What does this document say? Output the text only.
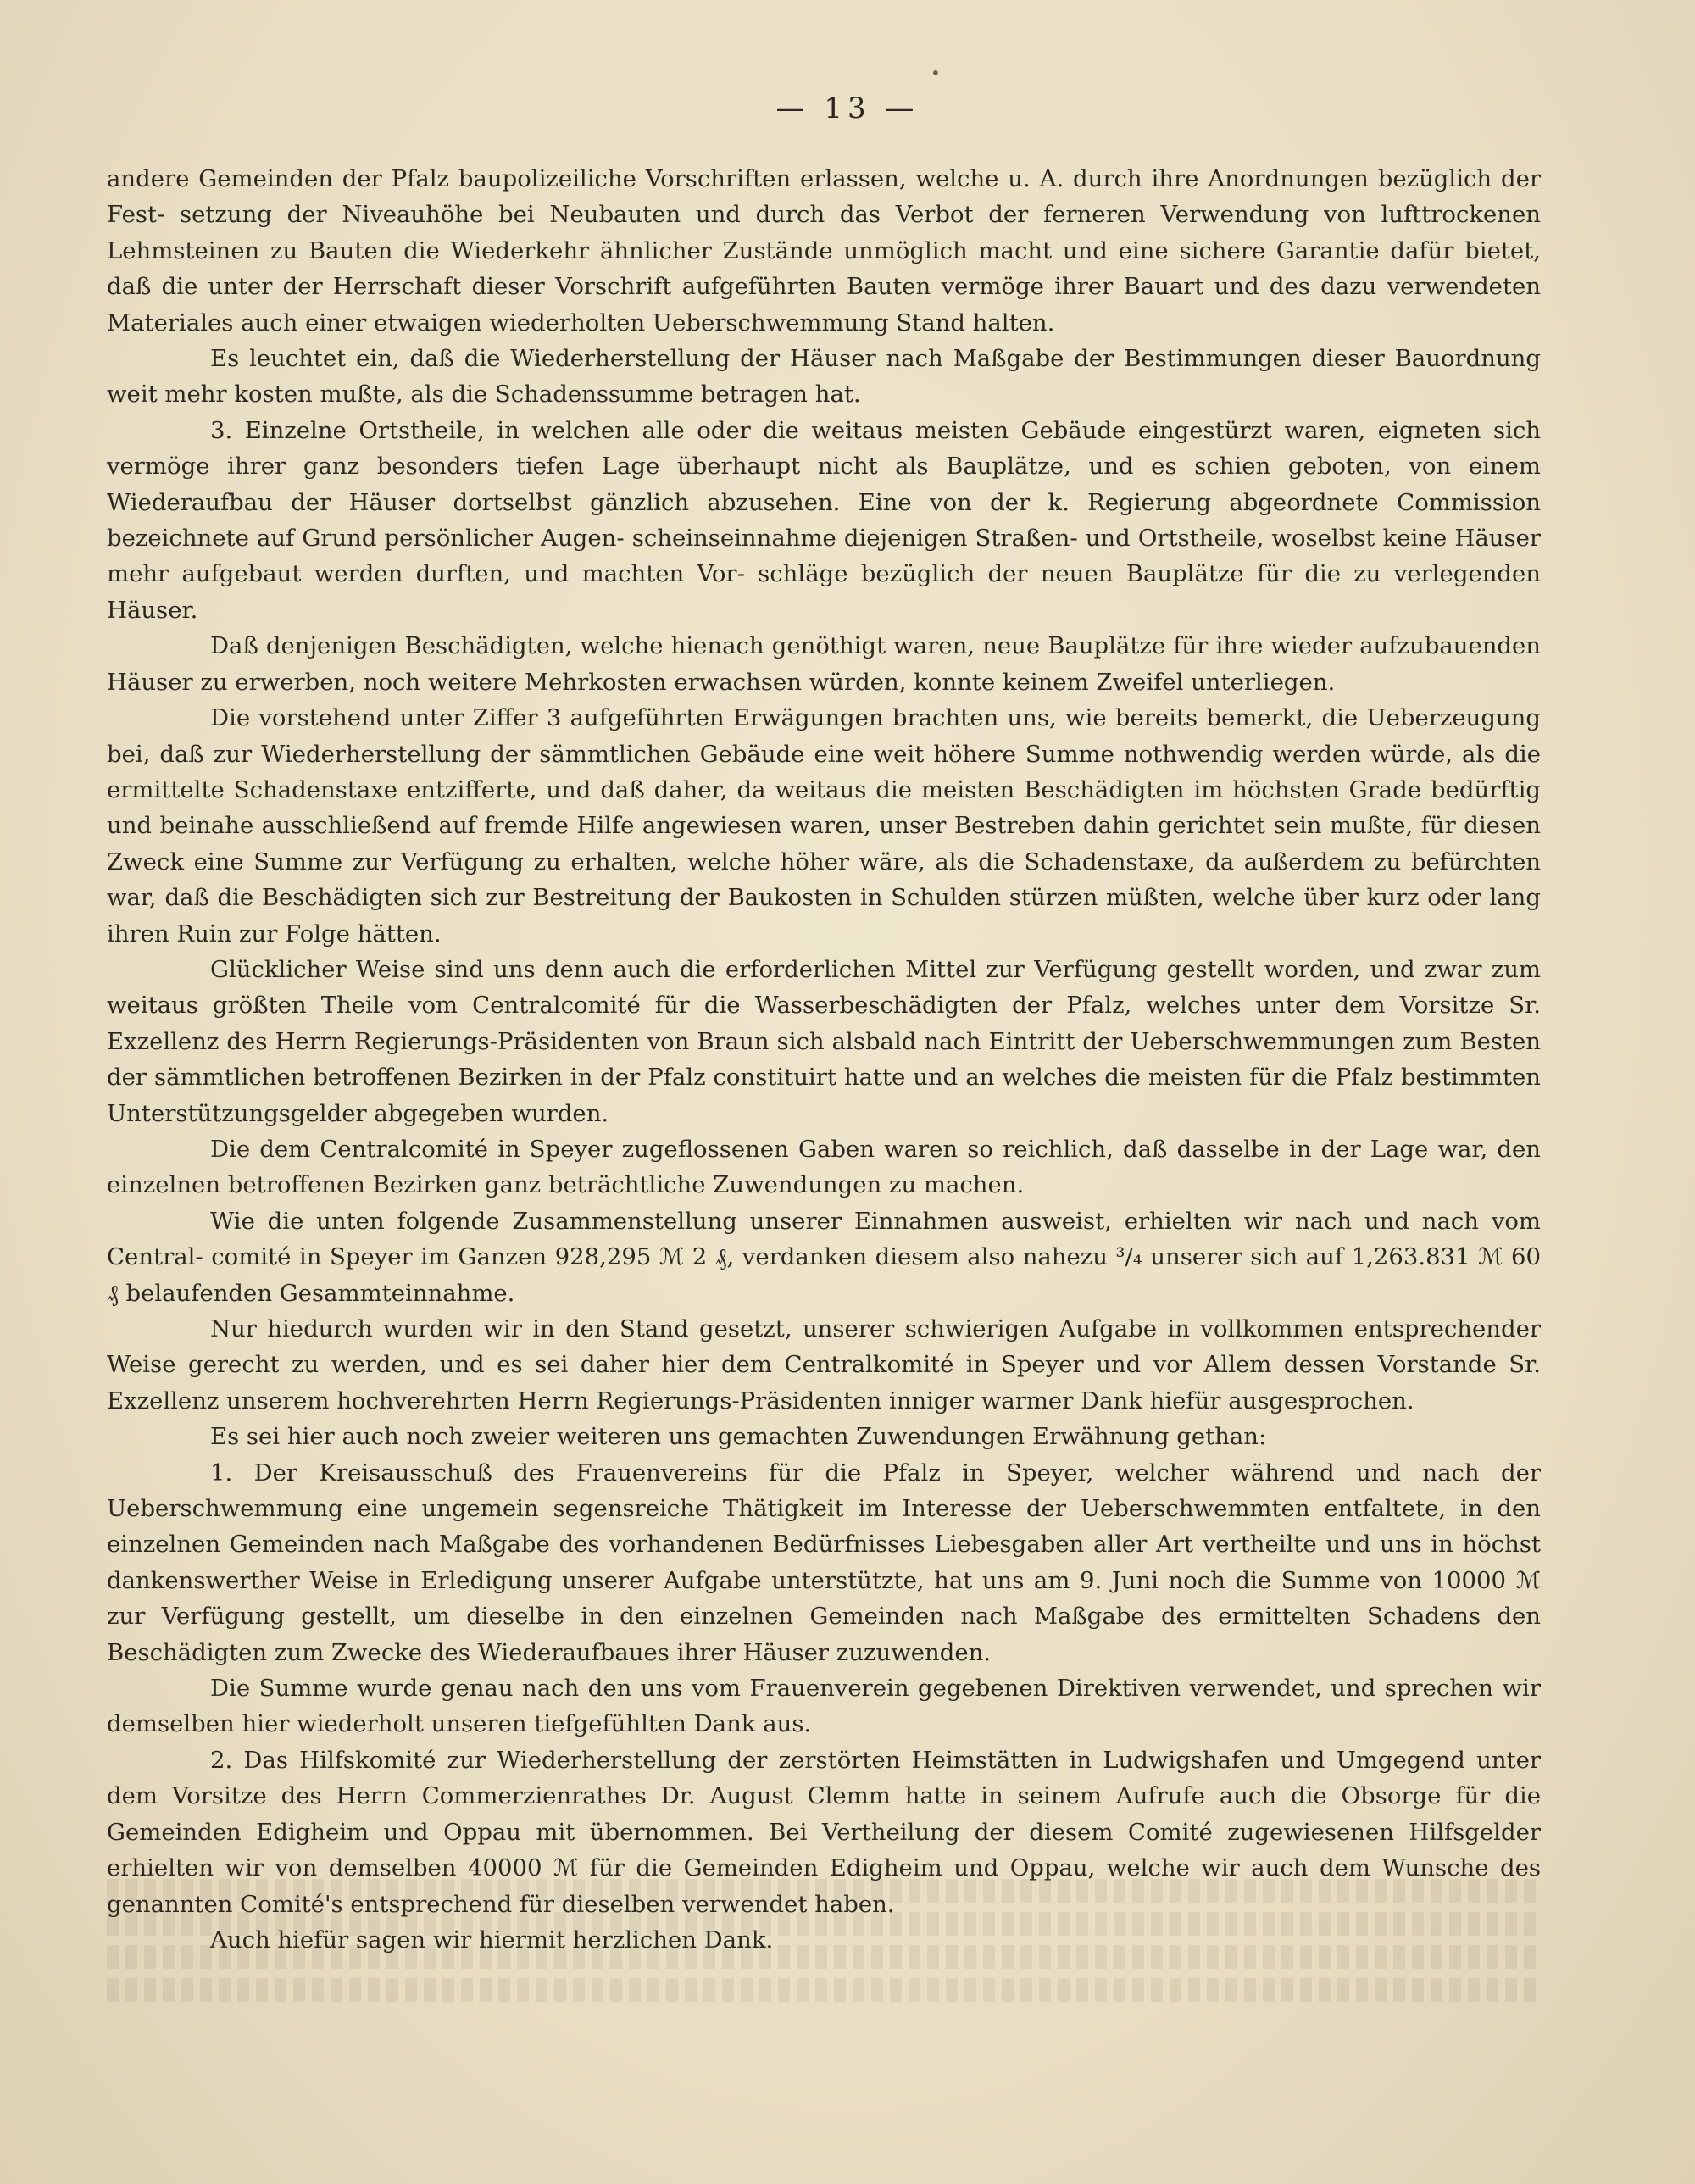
•
— 13 —

andere Gemeinden der Pfalz baupolizeiliche Vorschriften erlassen, welche u. A. durch ihre Anordnungen bezüglich der Fest- setzung der Niveauhöhe bei Neubauten und durch das Verbot der ferneren Verwendung von lufttrockenen Lehmsteinen zu Bauten die Wiederkehr ähnlicher Zustände unmöglich macht und eine sichere Garantie dafür bietet, daß die unter der Herrschaft dieser Vorschrift aufgeführten Bauten vermöge ihrer Bauart und des dazu verwendeten Materiales auch einer etwaigen wiederholten Ueberschwemmung Stand halten.

Es leuchtet ein, daß die Wiederherstellung der Häuser nach Maßgabe der Bestimmungen dieser Bauordnung weit mehr kosten mußte, als die Schadenssumme betragen hat.

3. Einzelne Ortstheile, in welchen alle oder die weitaus meisten Gebäude eingestürzt waren, eigneten sich vermöge ihrer ganz besonders tiefen Lage überhaupt nicht als Bauplätze, und es schien geboten, von einem Wiederaufbau der Häuser dortselbst gänzlich abzusehen. Eine von der k. Regierung abgeordnete Commission bezeichnete auf Grund persönlicher Augen- scheinseinnahme diejenigen Straßen- und Ortstheile, woselbst keine Häuser mehr aufgebaut werden durften, und machten Vor- schläge bezüglich der neuen Bauplätze für die zu verlegenden Häuser.

Daß denjenigen Beschädigten, welche hienach genöthigt waren, neue Bauplätze für ihre wieder aufzubauenden Häuser zu erwerben, noch weitere Mehrkosten erwachsen würden, konnte keinem Zweifel unterliegen.

Die vorstehend unter Ziffer 3 aufgeführten Erwägungen brachten uns, wie bereits bemerkt, die Ueberzeugung bei, daß zur Wiederherstellung der sämmtlichen Gebäude eine weit höhere Summe nothwendig werden würde, als die ermittelte Schadenstaxe entzifferte, und daß daher, da weitaus die meisten Beschädigten im höchsten Grade bedürftig und beinahe ausschließend auf fremde Hilfe angewiesen waren, unser Bestreben dahin gerichtet sein mußte, für diesen Zweck eine Summe zur Verfügung zu erhalten, welche höher wäre, als die Schadenstaxe, da außerdem zu befürchten war, daß die Beschädigten sich zur Bestreitung der Baukosten in Schulden stürzen müßten, welche über kurz oder lang ihren Ruin zur Folge hätten.

Glücklicher Weise sind uns denn auch die erforderlichen Mittel zur Verfügung gestellt worden, und zwar zum weitaus größten Theile vom Centralcomité für die Wasserbeschädigten der Pfalz, welches unter dem Vorsitze Sr. Exzellenz des Herrn Regierungs-Präsidenten von Braun sich alsbald nach Eintritt der Ueberschwemmungen zum Besten der sämmtlichen betroffenen Bezirken in der Pfalz constituirt hatte und an welches die meisten für die Pfalz bestimmten Unterstützungsgelder abgegeben wurden.

Die dem Centralcomité in Speyer zugeflossenen Gaben waren so reichlich, daß dasselbe in der Lage war, den einzelnen betroffenen Bezirken ganz beträchtliche Zuwendungen zu machen.

Wie die unten folgende Zusammenstellung unserer Einnahmen ausweist, erhielten wir nach und nach vom Central- comité in Speyer im Ganzen 928,295 ℳ 2 ₰, verdanken diesem also nahezu ³/₄ unserer sich auf 1,263.831 ℳ 60 ₰ belaufenden Gesammteinnahme.

Nur hiedurch wurden wir in den Stand gesetzt, unserer schwierigen Aufgabe in vollkommen entsprechender Weise gerecht zu werden, und es sei daher hier dem Centralkomité in Speyer und vor Allem dessen Vorstande Sr. Exzellenz unserem hochverehrten Herrn Regierungs-Präsidenten inniger warmer Dank hiefür ausgesprochen.

Es sei hier auch noch zweier weiteren uns gemachten Zuwendungen Erwähnung gethan:

1. Der Kreisausschuß des Frauenvereins für die Pfalz in Speyer, welcher während und nach der Ueberschwemmung eine ungemein segensreiche Thätigkeit im Interesse der Ueberschwemmten entfaltete, in den einzelnen Gemeinden nach Maßgabe des vorhandenen Bedürfnisses Liebesgaben aller Art vertheilte und uns in höchst dankenswerther Weise in Erledigung unserer Aufgabe unterstützte, hat uns am 9. Juni noch die Summe von 10000 ℳ zur Verfügung gestellt, um dieselbe in den einzelnen Gemeinden nach Maßgabe des ermittelten Schadens den Beschädigten zum Zwecke des Wiederaufbaues ihrer Häuser zuzuwenden.

Die Summe wurde genau nach den uns vom Frauenverein gegebenen Direktiven verwendet, und sprechen wir demselben hier wiederholt unseren tiefgefühlten Dank aus.

2. Das Hilfskomité zur Wiederherstellung der zerstörten Heimstätten in Ludwigshafen und Umgegend unter dem Vorsitze des Herrn Commerzienrathes Dr. August Clemm hatte in seinem Aufrufe auch die Obsorge für die Gemeinden Edigheim und Oppau mit übernommen. Bei Vertheilung der diesem Comité zugewiesenen Hilfsgelder erhielten wir von demselben 40000 ℳ für die Gemeinden Edigheim und Oppau, welche wir auch dem Wunsche des genannten Comité's entsprechend für dieselben verwendet haben.

Auch hiefür sagen wir hiermit herzlichen Dank.
